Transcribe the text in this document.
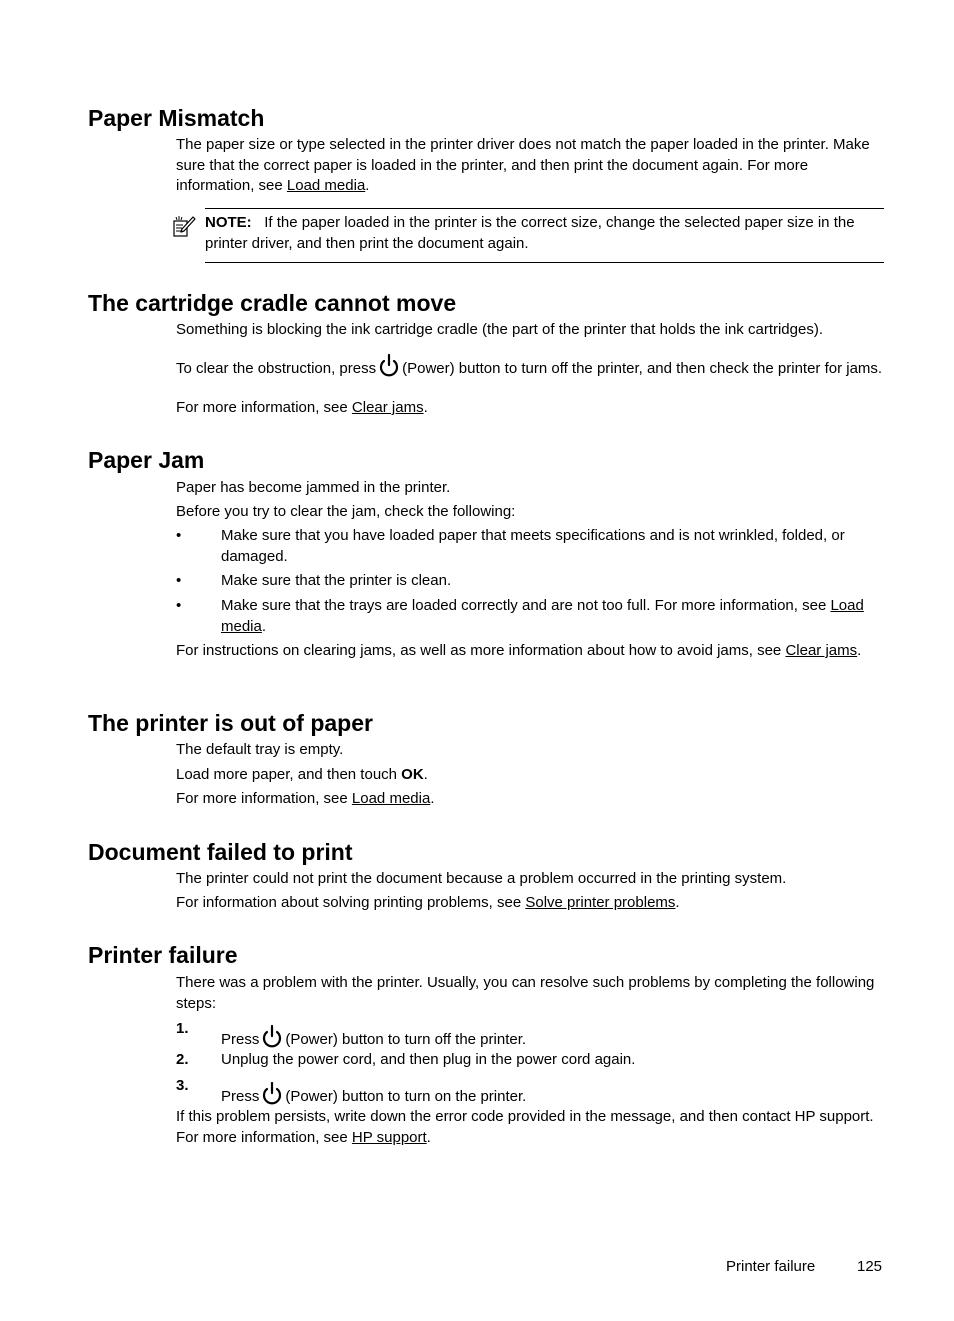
Paper Mismatch

The paper size or type selected in the printer driver does not match the paper loaded in the printer. Make sure that the correct paper is loaded in the printer, and then print the document again. For more information, see Load media.

NOTE: If the paper loaded in the printer is the correct size, change the selected paper size in the printer driver, and then print the document again.

The cartridge cradle cannot move

Something is blocking the ink cartridge cradle (the part of the printer that holds the ink cartridges).

To clear the obstruction, press (Power) button to turn off the printer, and then check the printer for jams.

For more information, see Clear jams.

Paper Jam

Paper has become jammed in the printer.

Before you try to clear the jam, check the following:

•	Make sure that you have loaded paper that meets specifications and is not wrinkled, folded, or damaged.

•	Make sure that the printer is clean.

•	Make sure that the trays are loaded correctly and are not too full. For more information, see Load media.

For instructions on clearing jams, as well as more information about how to avoid jams, see Clear jams.

The printer is out of paper

The default tray is empty.

Load more paper, and then touch OK.

For more information, see Load media.

Document failed to print

The printer could not print the document because a problem occurred in the printing system.

For information about solving printing problems, see Solve printer problems.

Printer failure

There was a problem with the printer. Usually, you can resolve such problems by completing the following steps:

1.

Press (Power) button to turn off the printer.

2. Unplug the power cord, and then plug in the power cord again.

3.

Press (Power) button to turn on the printer.

If this problem persists, write down the error code provided in the message, and then contact HP support. For more information, see HP support.

Printer failure	125
